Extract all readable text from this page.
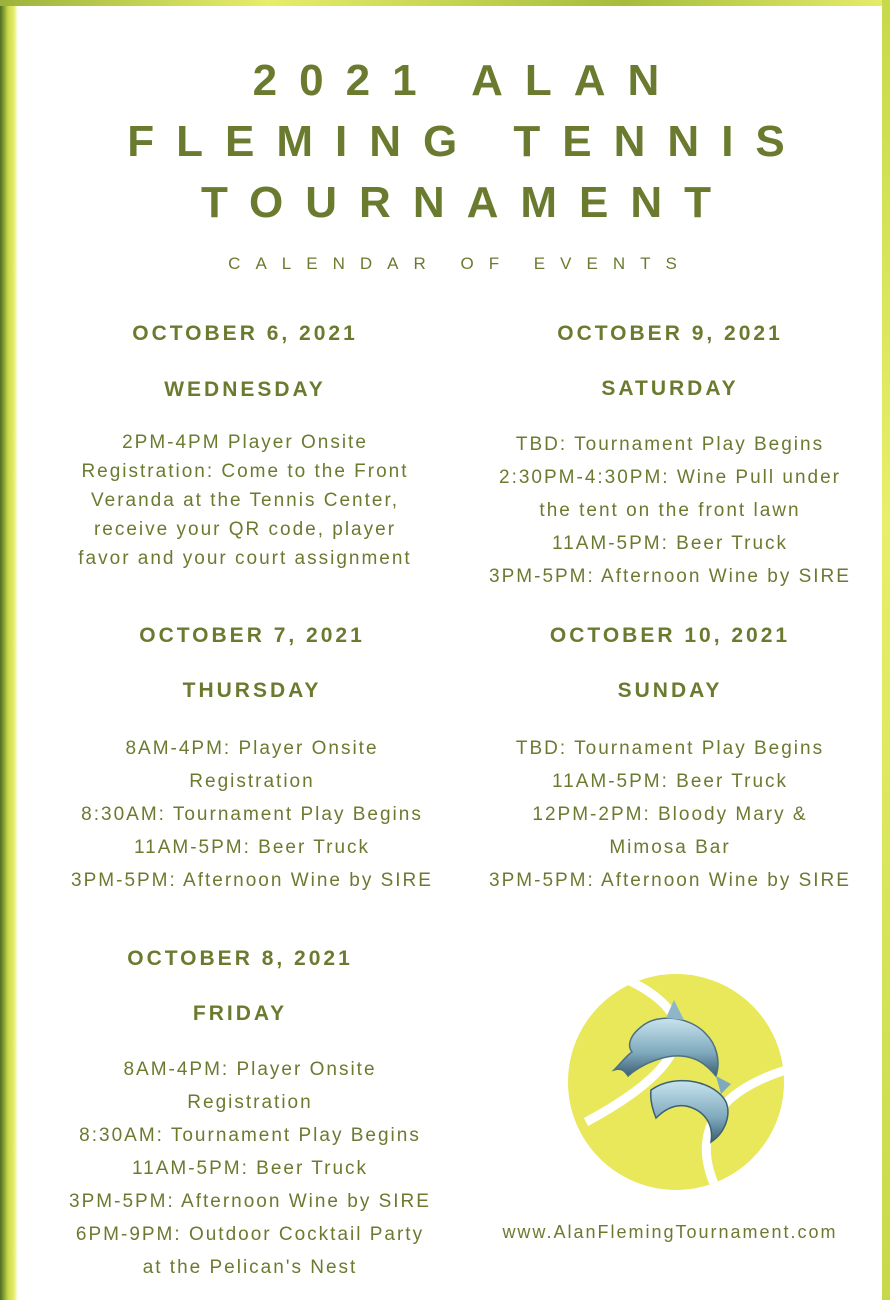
2021 ALAN
FLEMING TENNIS
TOURNAMENT
CALENDAR OF EVENTS
OCTOBER 6, 2021
WEDNESDAY
2PM-4PM Player Onsite
Registration: Come to the Front
Veranda at the Tennis Center,
receive your QR code, player
favor and your court assignment
OCTOBER 9, 2021
SATURDAY
TBD: Tournament Play Begins
2:30PM-4:30PM: Wine Pull under
the tent on the front lawn
11AM-5PM: Beer Truck
3PM-5PM: Afternoon Wine by SIRE
OCTOBER 7, 2021
THURSDAY
8AM-4PM: Player Onsite
Registration
8:30AM: Tournament Play Begins
11AM-5PM: Beer Truck
3PM-5PM: Afternoon Wine by SIRE
OCTOBER 10, 2021
SUNDAY
TBD: Tournament Play Begins
11AM-5PM: Beer Truck
12PM-2PM: Bloody Mary &
Mimosa Bar
3PM-5PM: Afternoon Wine by SIRE
OCTOBER 8, 2021
FRIDAY
8AM-4PM: Player Onsite
Registration
8:30AM: Tournament Play Begins
11AM-5PM: Beer Truck
3PM-5PM: Afternoon Wine by SIRE
6PM-9PM: Outdoor Cocktail Party
at the Pelican's Nest
www.AlanFlemingTournament.com
